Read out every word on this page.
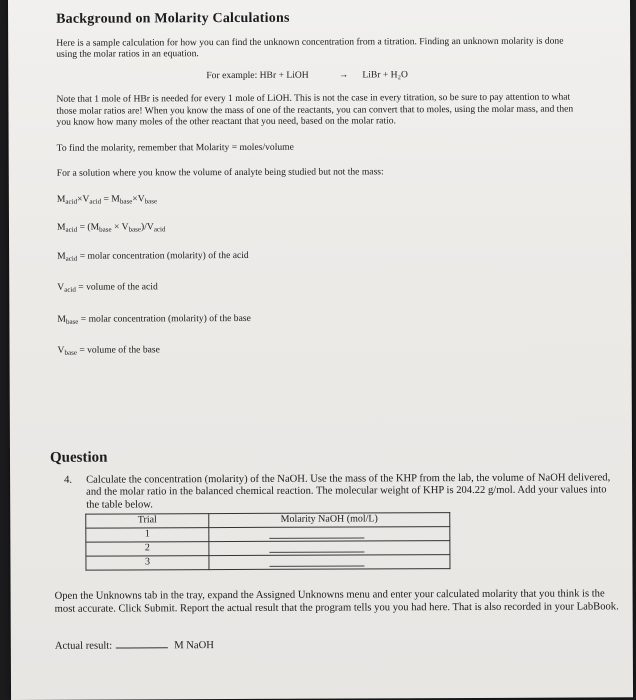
Background on Molarity Calculations
Here is a sample calculation for how you can find the unknown concentration from a titration. Finding an unknown molarity is done using the molar ratios in an equation.
For example: HBr + LiOH	→ LiBr + H₂O
Note that 1 mole of HBr is needed for every 1 mole of LiOH. This is not the case in every titration, so be sure to pay attention to what those molar ratios are! When you know the mass of one of the reactants, you can convert that to moles, using the molar mass, and then you know how many moles of the other reactant that you need, based on the molar ratio.
To find the molarity, remember that Molarity = moles/volume
For a solution where you know the volume of analyte being studied but not the mass:
$M_{acid}\times V_{acid} = M_{base}\times V_{base}$
$M_{acid} = (M_{base} \times V_{base})/V_{acid}$
$M_{acid}$ = molar concentration (molarity) of the acid
$V_{acid}$ = volume of the acid
$M_{base}$ = molar concentration (molarity) of the base
$V_{base}$ = volume of the base
Question
4.	Calculate the concentration (molarity) of the NaOH. Use the mass of the KHP from the lab, the volume of NaOH delivered, and the molar ratio in the balanced chemical reaction. The molecular weight of KHP is 204.22 g/mol. Add your values into the table below.
Trial	Molarity NaOH (mol/L)
1	

2	

3	
Open the Unknowns tab in the tray, expand the Assigned Unknowns menu and enter your calculated molarity that you think is the most accurate. Click Submit. Report the actual result that the program tells you you had here. That is also recorded in your LabBook.
Actual result:	M NaOH
